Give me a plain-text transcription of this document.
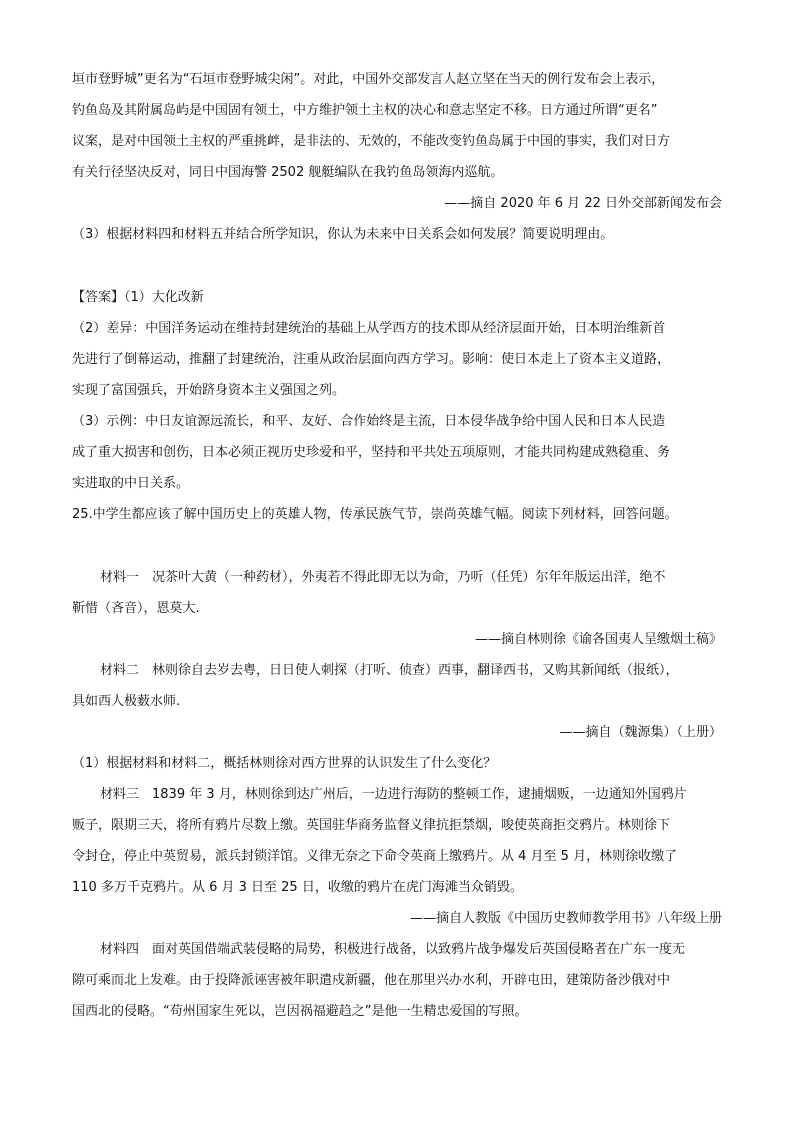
垣市登野城”更名为“石垣市登野城尖闲”。对此，中国外交部发言人赵立坚在当天的例行发布会上表示，
钓鱼岛及其附属岛屿是中国固有领土，中方维护领土主权的决心和意志坚定不移。日方通过所谓“更名”
议案，是对中国领土主权的严重挑衅，是非法的、无效的，不能改变钓鱼岛属于中国的事实，我们对日方
有关行径坚决反对，同日中国海警 2502 舰艇编队在我钓鱼岛领海内巡航。
——摘自 2020 年 6 月 22 日外交部新闻发布会
（3）根据材料四和材料五并结合所学知识，你认为未来中日关系会如何发展？简要说明理由。
【答案】（1）大化改新
（2）差异：中国洋务运动在维持封建统治的基础上从学西方的技术即从经济层面开始，日本明治维新首
先进行了倒幕运动，推翻了封建统治，注重从政治层面向西方学习。影响：使日本走上了资本主义道路，
实现了富国强兵，开始跻身资本主义强国之列。
（3）示例：中日友谊源远流长，和平、友好、合作始终是主流，日本侵华战争给中国人民和日本人民造
成了重大损害和创伤，日本必须正视历史珍爱和平，坚持和平共处五项原则，才能共同构建成熟稳重、务
实进取的中日关系。
25.中学生都应该了解中国历史上的英雄人物，传承民族气节，崇尚英雄气幅。阅读下列材料，回答问题。
材料一　况茶叶大黄（一种药材），外夷若不得此即无以为命，乃听（任凭）尔年年版运出洋，绝不
靳惜（吝音），恩莫大.
——摘自林则徐《谕各国夷人呈缴烟土稿》
材料二　林则徐自去岁去粤，日日使人刺探（打听、侦查）西事，翻译西书，又购其新闻纸（报纸），
具如西人极薮水师.
——摘自（魏源集）（上册）
（1）根据材料和材料二，概括林则徐对西方世界的认识发生了什么变化？
材料三　1839 年 3 月，林则徐到达广州后，一边进行海防的整顿工作，逮捕烟贩，一边通知外国鸦片
贩子，限期三天，将所有鸦片尽数上缴。英国驻华商务监督义律抗拒禁烟，唆使英商拒交鸦片。林则徐下
令封仓，停止中英贸易，派兵封锁洋馆。义律无奈之下命令英商上缴鸦片。从 4 月至 5 月，林则徐收缴了
110 多万千克鸦片。从 6 月 3 日至 25 日，收缴的鸦片在虎门海滩当众销毁。
——摘自人教版《中国历史教师教学用书》八年级上册
材料四　面对英国借端武装侵略的局势，积极进行战备，以致鸦片战争爆发后英国侵略者在广东一度无
隙可乘而北上发难。由于投降派诬害被年职遣戍新疆，他在那里兴办水利，开辟屯田，建策防备沙俄对中
国西北的侵略。“苟州国家生死以，岂因祸福避趋之”是他一生精忠爱国的写照。
